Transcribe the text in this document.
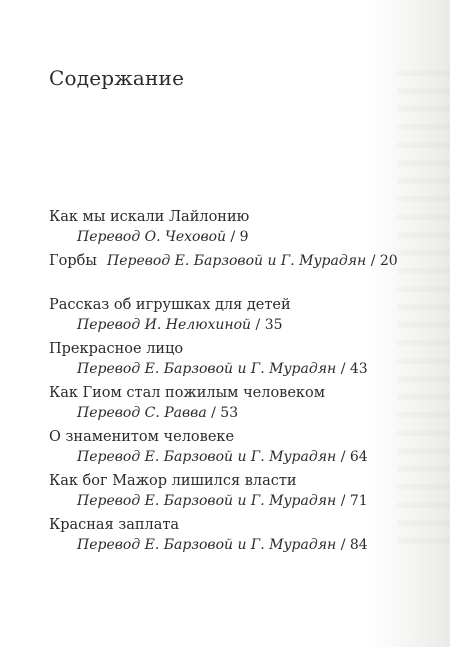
Содержание
Как мы искали Лайлонию
Перевод О. Чеховой / 9
Горбы Перевод Е. Барзовой и Г. Мурадян / 20
Рассказ об игрушках для детей
Перевод И. Нелюхиной / 35
Прекрасное лицо
Перевод Е. Барзовой и Г. Мурадян / 43
Как Гиом стал пожилым человеком
Перевод С. Равва / 53
О знаменитом человеке
Перевод Е. Барзовой и Г. Мурадян / 64
Как бог Мажор лишился власти
Перевод Е. Барзовой и Г. Мурадян / 71
Красная заплата
Перевод Е. Барзовой и Г. Мурадян / 84
